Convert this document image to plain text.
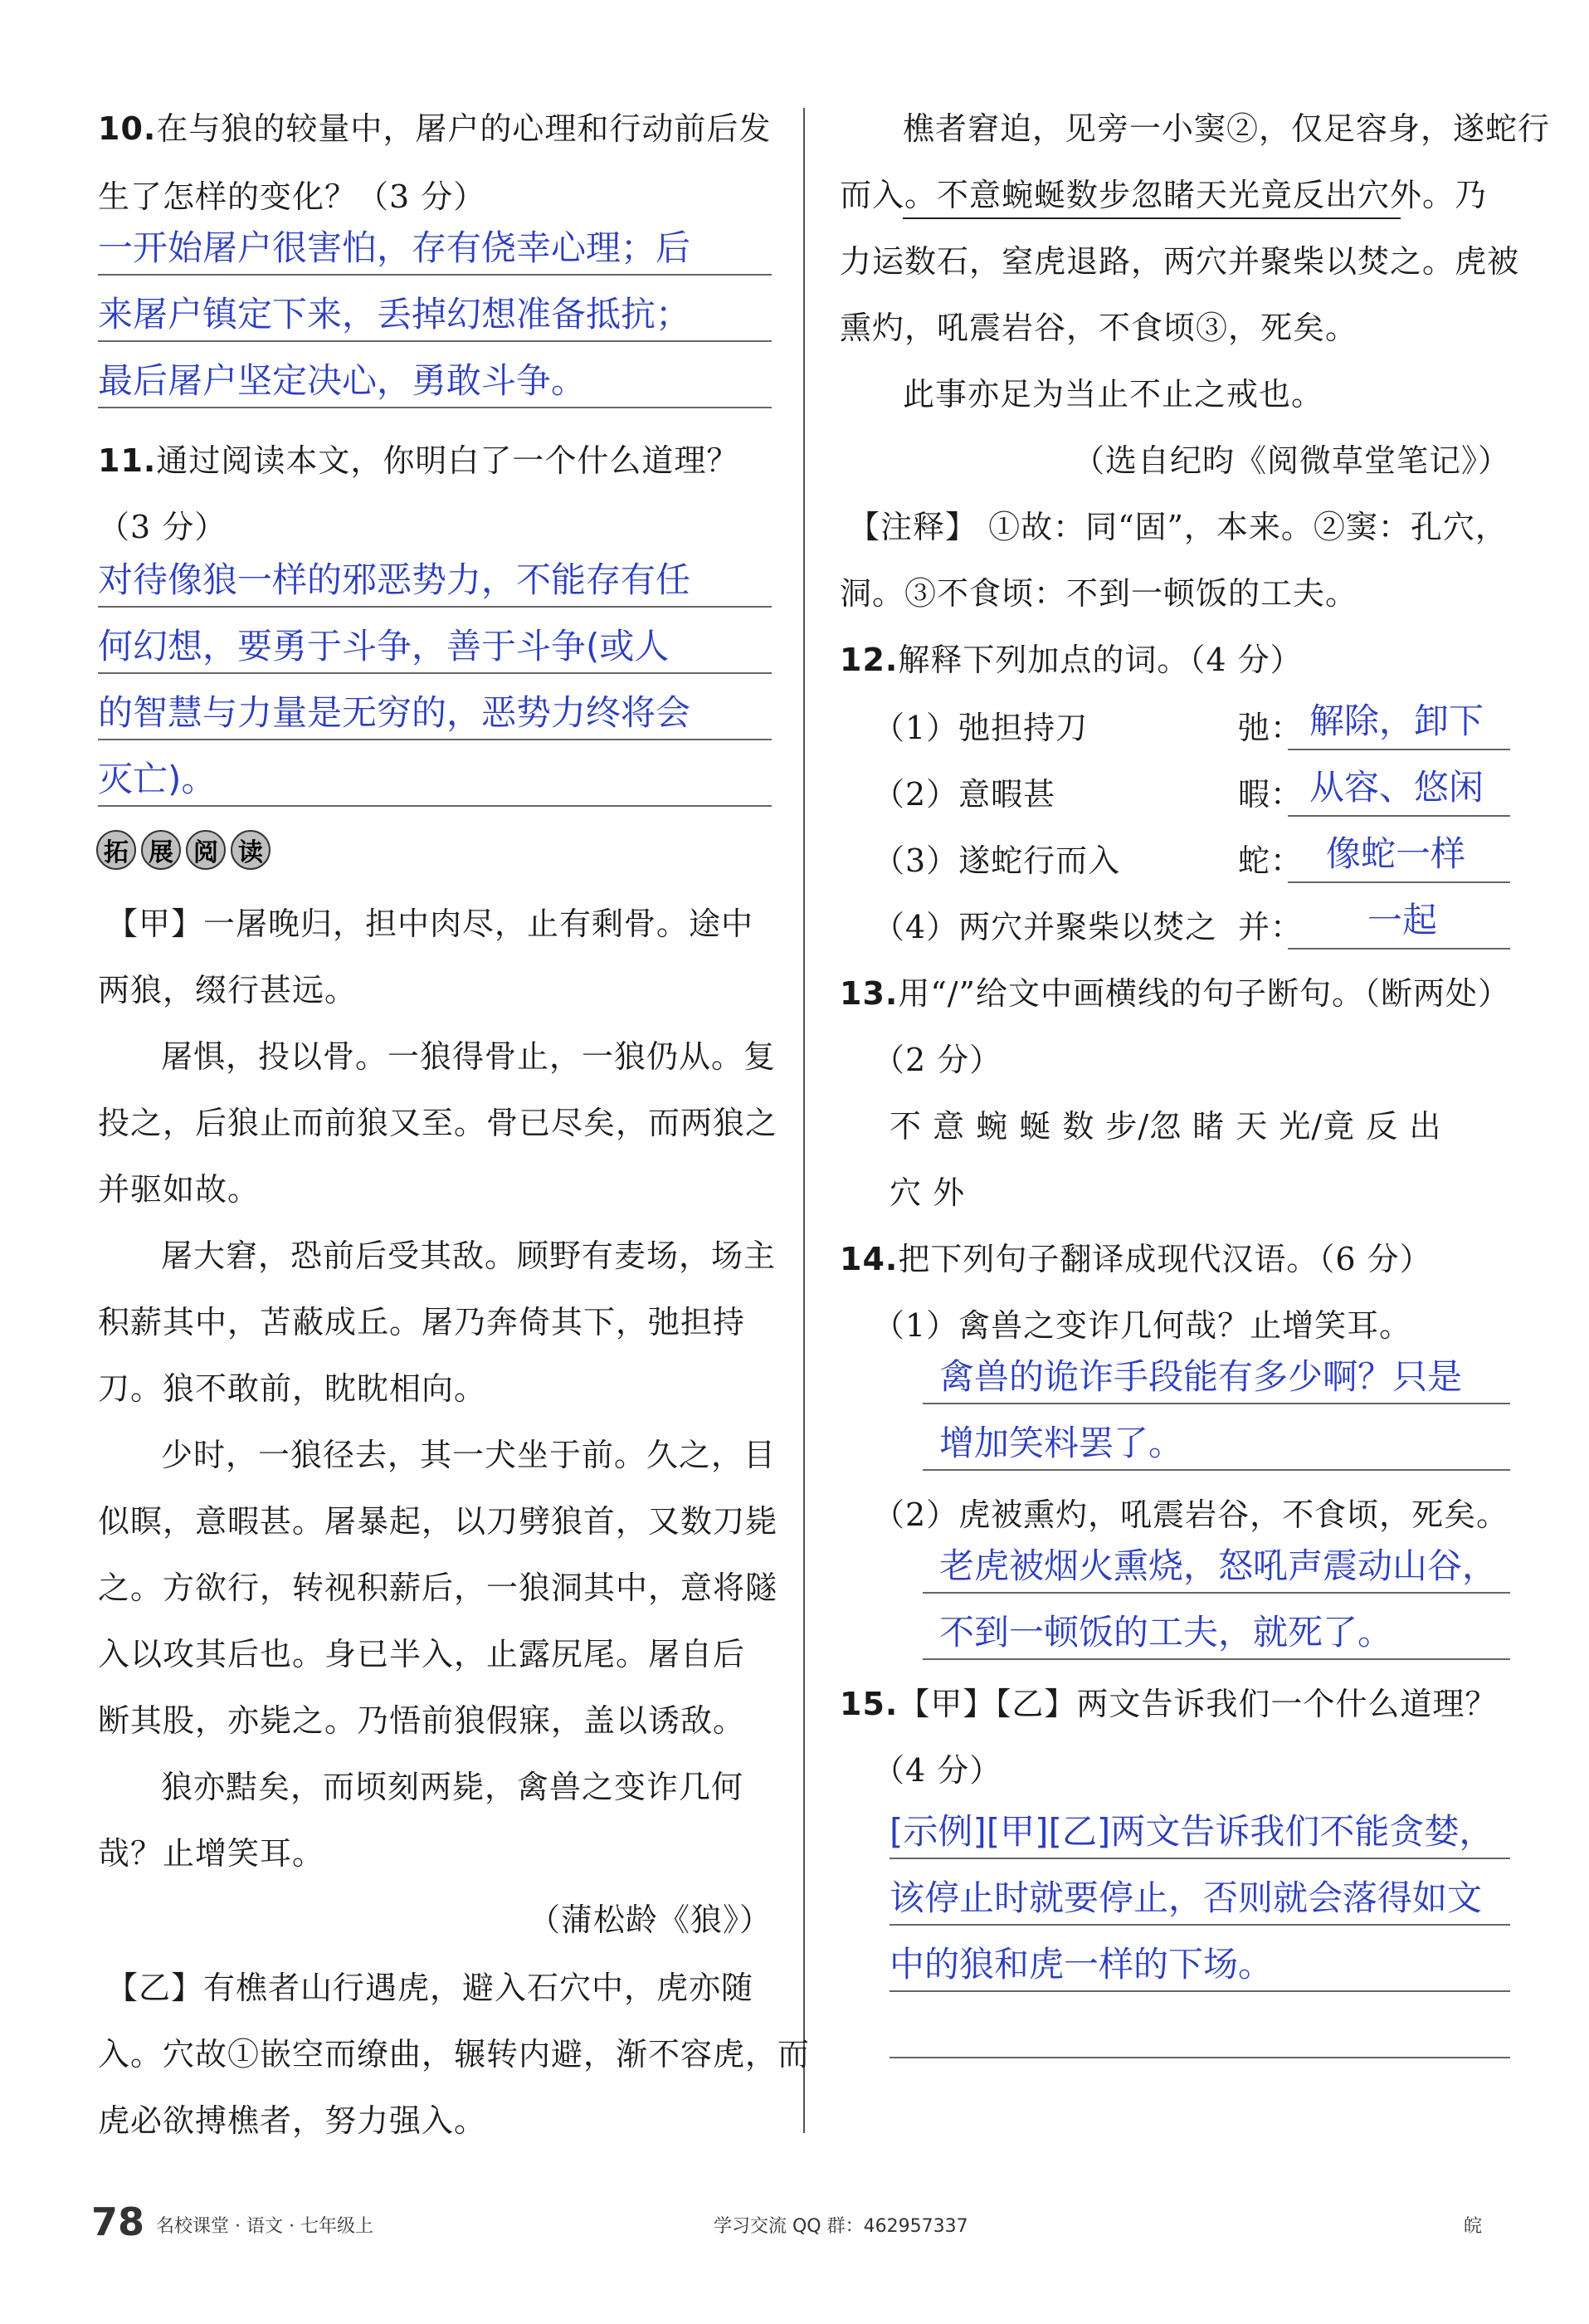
10.在与狼的较量中，屠户的心理和行动前后发
生了怎样的变化？（3 分）
一开始屠户很害怕，存有侥幸心理；后
来屠户镇定下来，丢掉幻想准备抵抗；
最后屠户坚定决心，勇敢斗争。
11.通过阅读本文，你明白了一个什么道理？
（3 分）
对待像狼一样的邪恶势力，不能存有任
何幻想，要勇于斗争，善于斗争(或人
的智慧与力量是无穷的，恶势力终将会
灭亡)。
拓 展 阅 读
【甲】一屠晚归，担中肉尽，止有剩骨。途中
两狼，缀行甚远。
屠惧，投以骨。一狼得骨止，一狼仍从。复
投之，后狼止而前狼又至。骨已尽矣，而两狼之
并驱如故。
屠大窘，恐前后受其敌。顾野有麦场，场主
积薪其中，苫蔽成丘。屠乃奔倚其下，弛担持
刀。狼不敢前，眈眈相向。
少时，一狼径去，其一犬坐于前。久之，目
似瞑，意暇甚。屠暴起，以刀劈狼首，又数刀毙
之。方欲行，转视积薪后，一狼洞其中，意将隧
入以攻其后也。身已半入，止露尻尾。屠自后
断其股，亦毙之。乃悟前狼假寐，盖以诱敌。
狼亦黠矣，而顷刻两毙，禽兽之变诈几何
哉？止增笑耳。
（蒲松龄《狼》）
【乙】有樵者山行遇虎，避入石穴中，虎亦随
入。穴故①嵌空而缭曲，辗转内避，渐不容虎，而
虎必欲搏樵者，努力强入。
樵者窘迫，见旁一小窦②，仅足容身，遂蛇行
而入。不意蜿蜒数步忽睹天光竟反出穴外。乃
力运数石，窒虎退路，两穴并聚柴以焚之。虎被
熏灼，吼震岩谷，不食顷③，死矣。
此事亦足为当止不止之戒也。
（选自纪昀《阅微草堂笔记》）
【注释】 ①故：同“固”，本来。②窦：孔穴，
洞。③不食顷：不到一顿饭的工夫。
12.解释下列加点的词。（4 分）
（1）弛担持刀	弛： 解除，卸下
（2）意暇甚	暇： 从容、悠闲
（3）遂蛇行而入	蛇： 像蛇一样
（4）两穴并聚柴以焚之 并： 一起
13.用“/”给文中画横线的句子断句。（断两处）
（2 分）
不 意 蜿 蜒 数 步/忽 睹 天 光/竟 反 出
穴 外
14.把下列句子翻译成现代汉语。（6 分）
（1）禽兽之变诈几何哉？止增笑耳。
禽兽的诡诈手段能有多少啊？只是
增加笑料罢了。
（2）虎被熏灼，吼震岩谷，不食顷，死矣。
老虎被烟火熏烧，怒吼声震动山谷，
不到一顿饭的工夫，就死了。
15.【甲】【乙】两文告诉我们一个什么道理？
（4 分）
[示例][甲][乙]两文告诉我们不能贪婪，
该停止时就要停止，否则就会落得如文
中的狼和虎一样的下场。
78 名校课堂 · 语文 · 七年级上	学习交流 QQ 群：462957337	皖
